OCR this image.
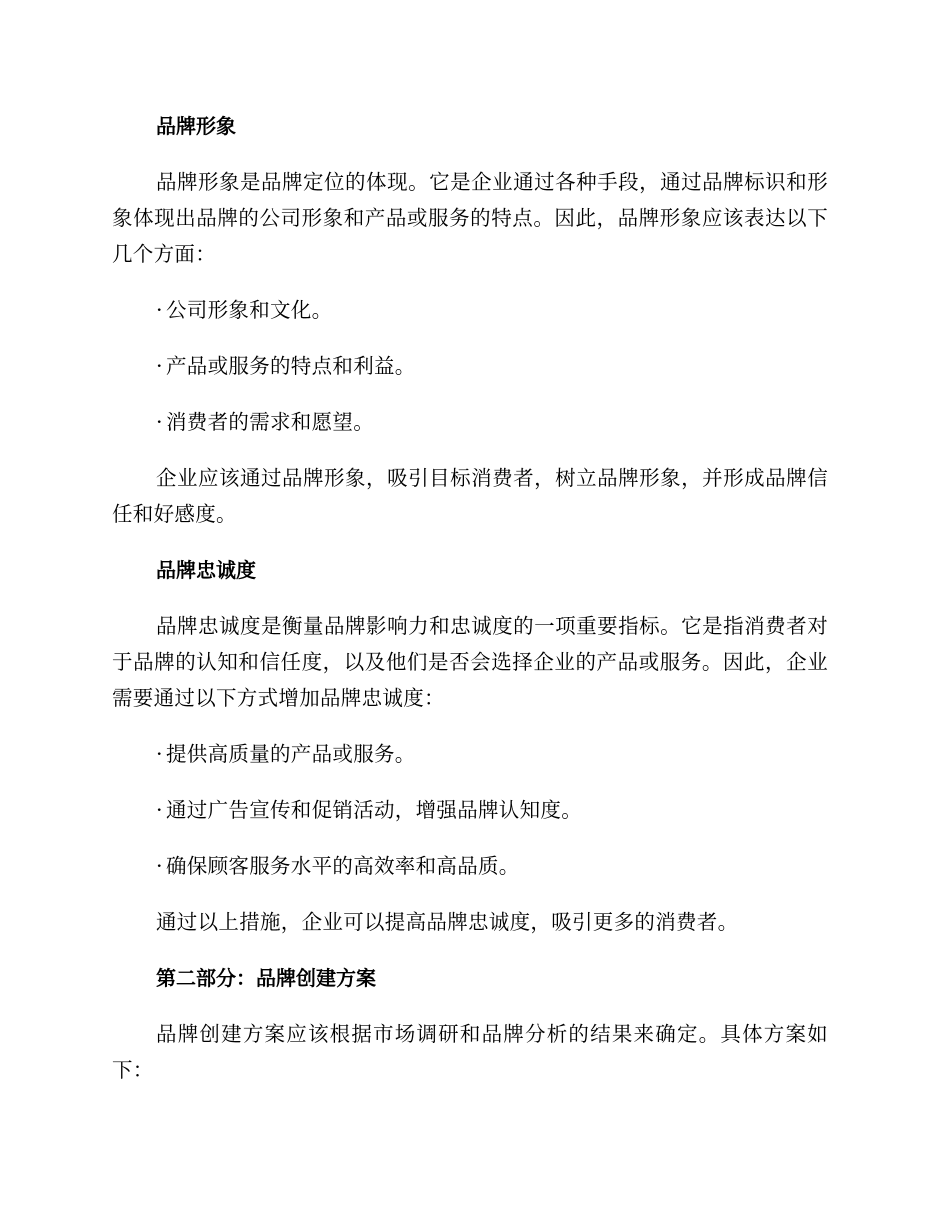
品牌形象

品牌形象是品牌定位的体现。它是企业通过各种手段，通过品牌标识和形象体现出品牌的公司形象和产品或服务的特点。因此，品牌形象应该表达以下几个方面：

· 公司形象和文化。
· 产品或服务的特点和利益。
· 消费者的需求和愿望。

企业应该通过品牌形象，吸引目标消费者，树立品牌形象，并形成品牌信任和好感度。

品牌忠诚度

品牌忠诚度是衡量品牌影响力和忠诚度的一项重要指标。它是指消费者对于品牌的认知和信任度，以及他们是否会选择企业的产品或服务。因此，企业需要通过以下方式增加品牌忠诚度：

· 提供高质量的产品或服务。
· 通过广告宣传和促销活动，增强品牌认知度。
· 确保顾客服务水平的高效率和高品质。

通过以上措施，企业可以提高品牌忠诚度，吸引更多的消费者。

第二部分：品牌创建方案

品牌创建方案应该根据市场调研和品牌分析的结果来确定。具体方案如下：
